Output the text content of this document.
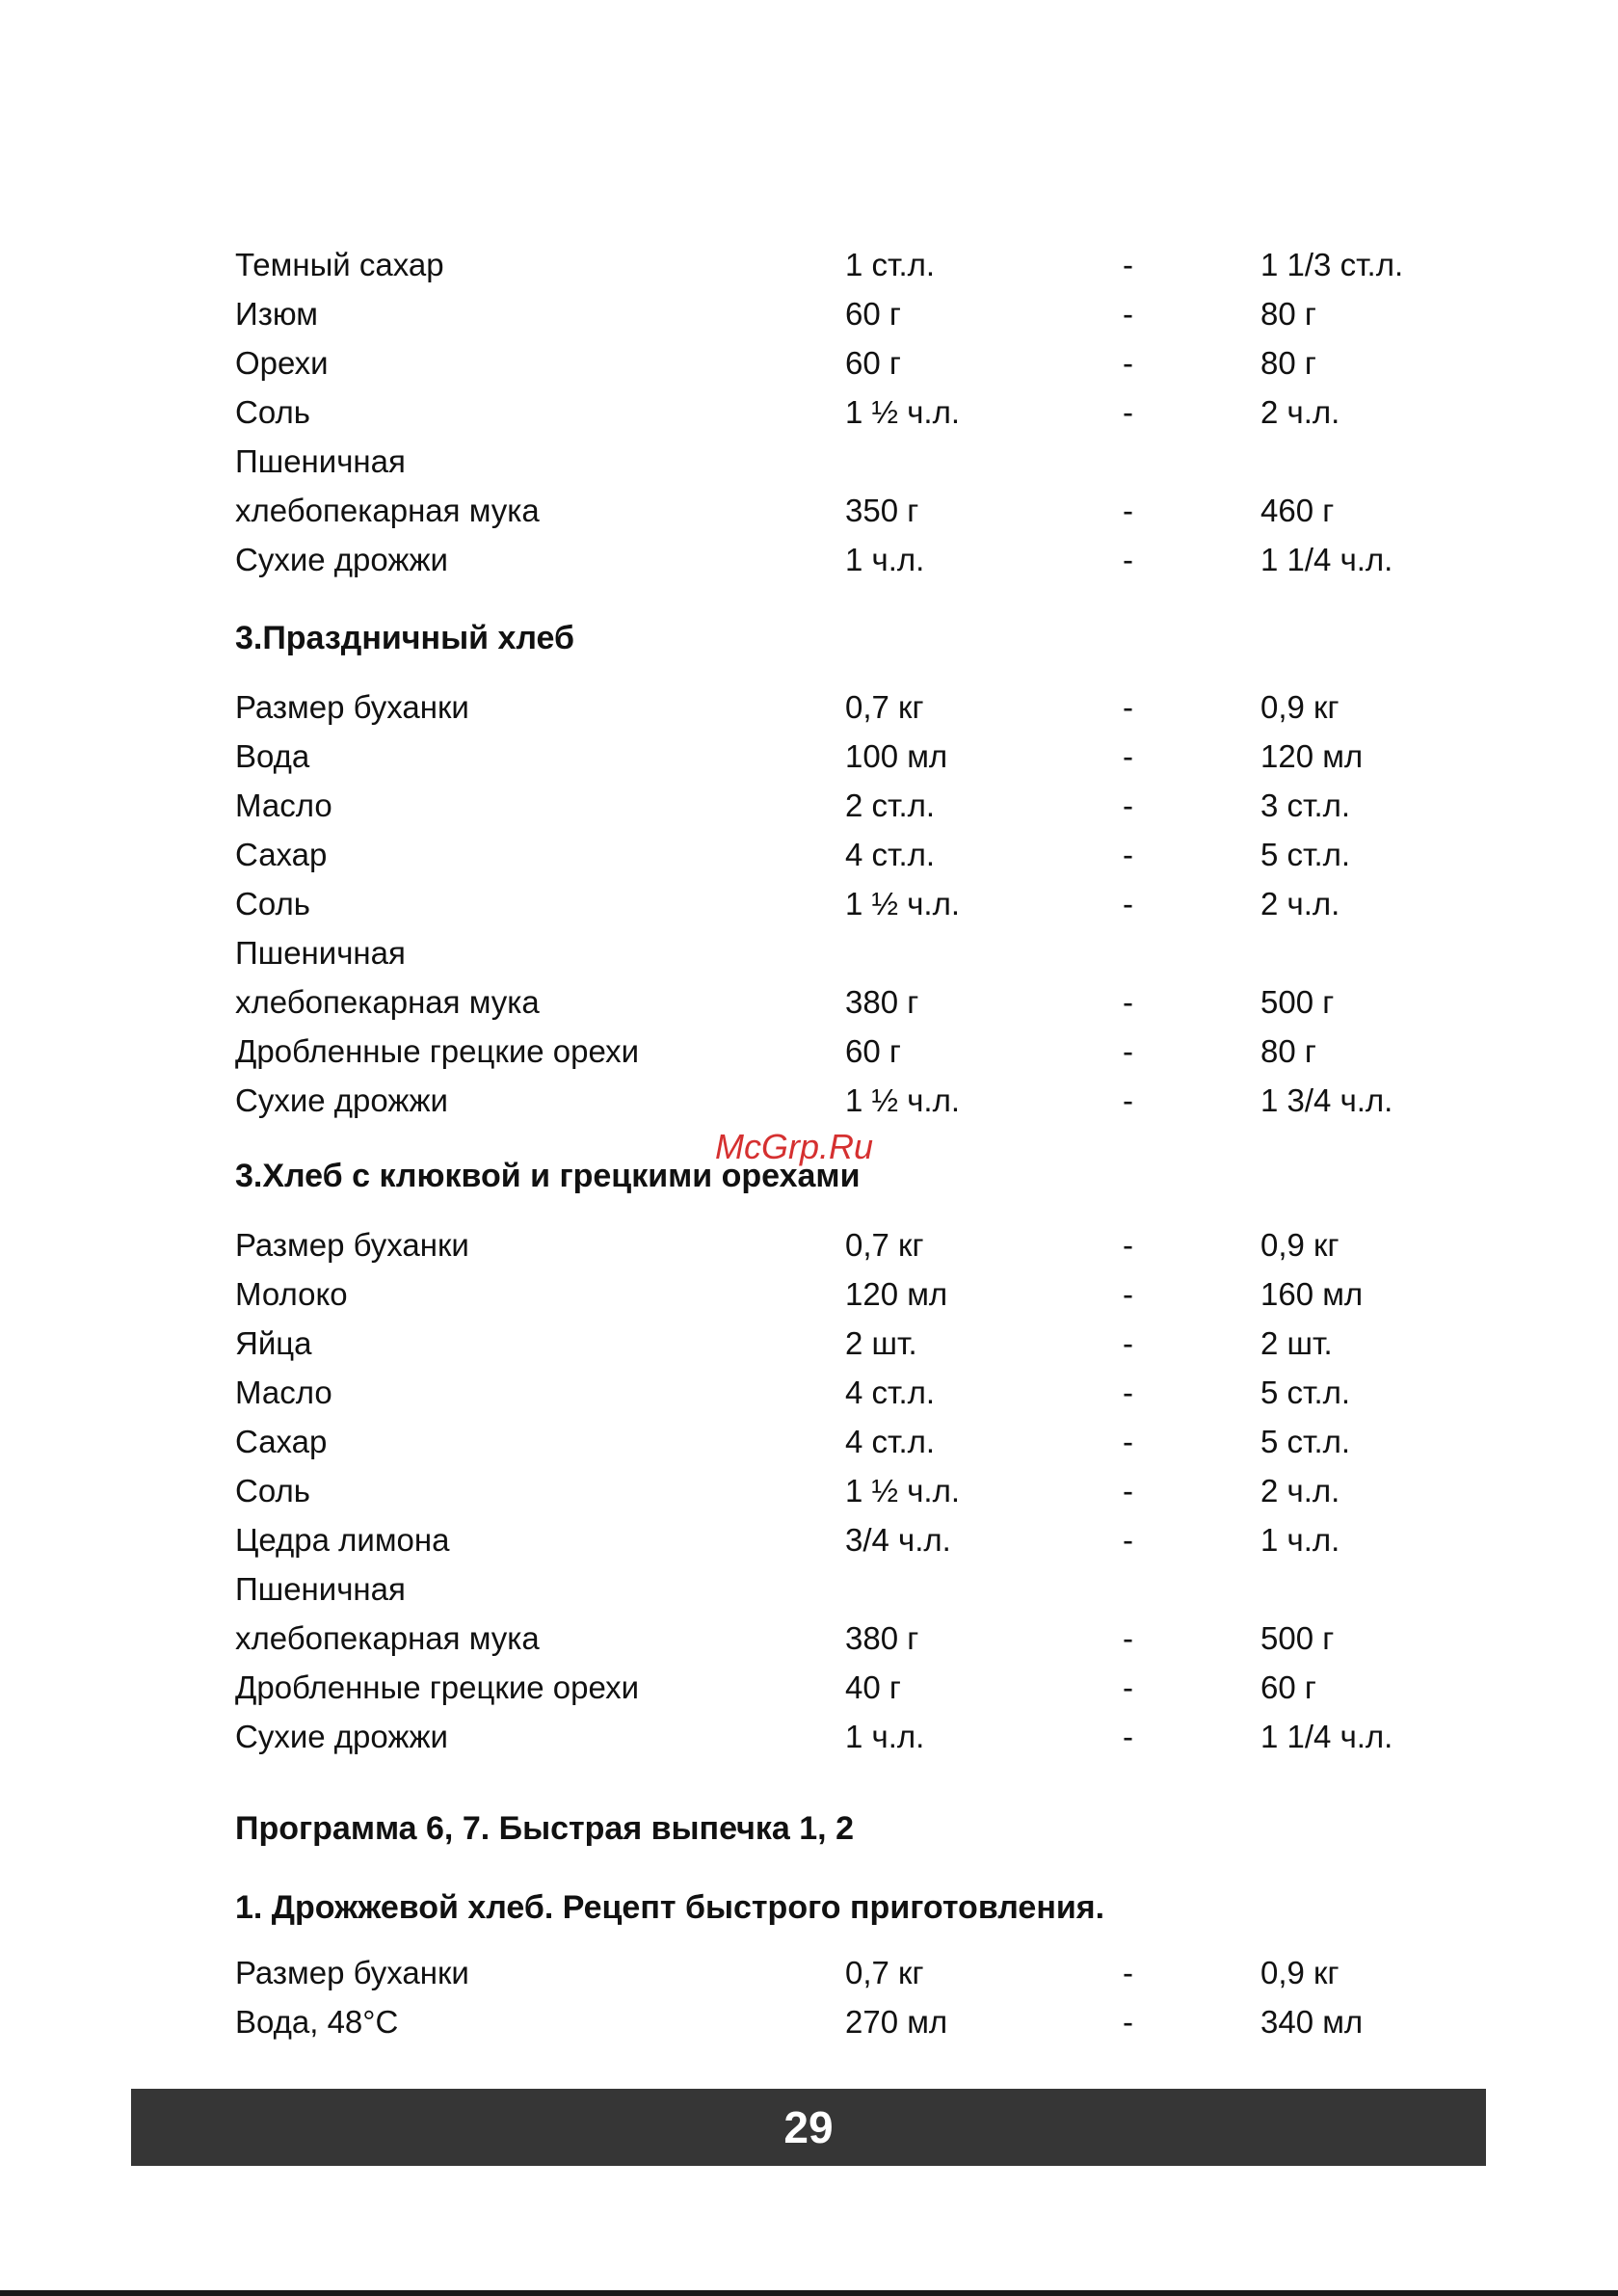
Темный сахар	1 ст.л.	-	1 1/3 ст.л.
Изюм	60 г	-	80 г
Орехи	60 г	-	80 г
Соль	1 ½ ч.л.	-	2 ч.л.
Пшеничная
хлебопекарная мука	350 г	-	460 г
Сухие дрожжи	1 ч.л.	-	1 1/4 ч.л.
3.Праздничный хлеб
Размер буханки	0,7 кг	-	0,9 кг
Вода	100 мл	-	120 мл
Масло	2 ст.л.	-	3 ст.л.
Сахар	4 ст.л.	-	5 ст.л.
Соль	1 ½ ч.л.	-	2 ч.л.
Пшеничная
хлебопекарная мука	380 г	-	500 г
Дробленные грецкие орехи	60 г	-	80 г
Сухие дрожжи	1 ½ ч.л.	-	1 3/4 ч.л.
3.Хлеб с клюквой и грецкими орехами
McGrp.Ru
Размер буханки	0,7 кг	-	0,9 кг
Молоко	120 мл	-	160 мл
Яйца	2 шт.	-	2 шт.
Масло	4 ст.л.	-	5 ст.л.
Сахар	4 ст.л.	-	5 ст.л.
Соль	1 ½ ч.л.	-	2 ч.л.
Цедра лимона	3/4 ч.л.	-	1 ч.л.
Пшеничная
хлебопекарная мука	380 г	-	500 г
Дробленные грецкие орехи	40 г	-	60 г
Сухие дрожжи	1 ч.л.	-	1 1/4 ч.л.
Программа 6, 7. Быстрая выпечка 1, 2
1. Дрожжевой хлеб. Рецепт быстрого приготовления.
Размер буханки	0,7 кг	-	0,9 кг
Вода, 48°С	270 мл	-	340 мл
29
